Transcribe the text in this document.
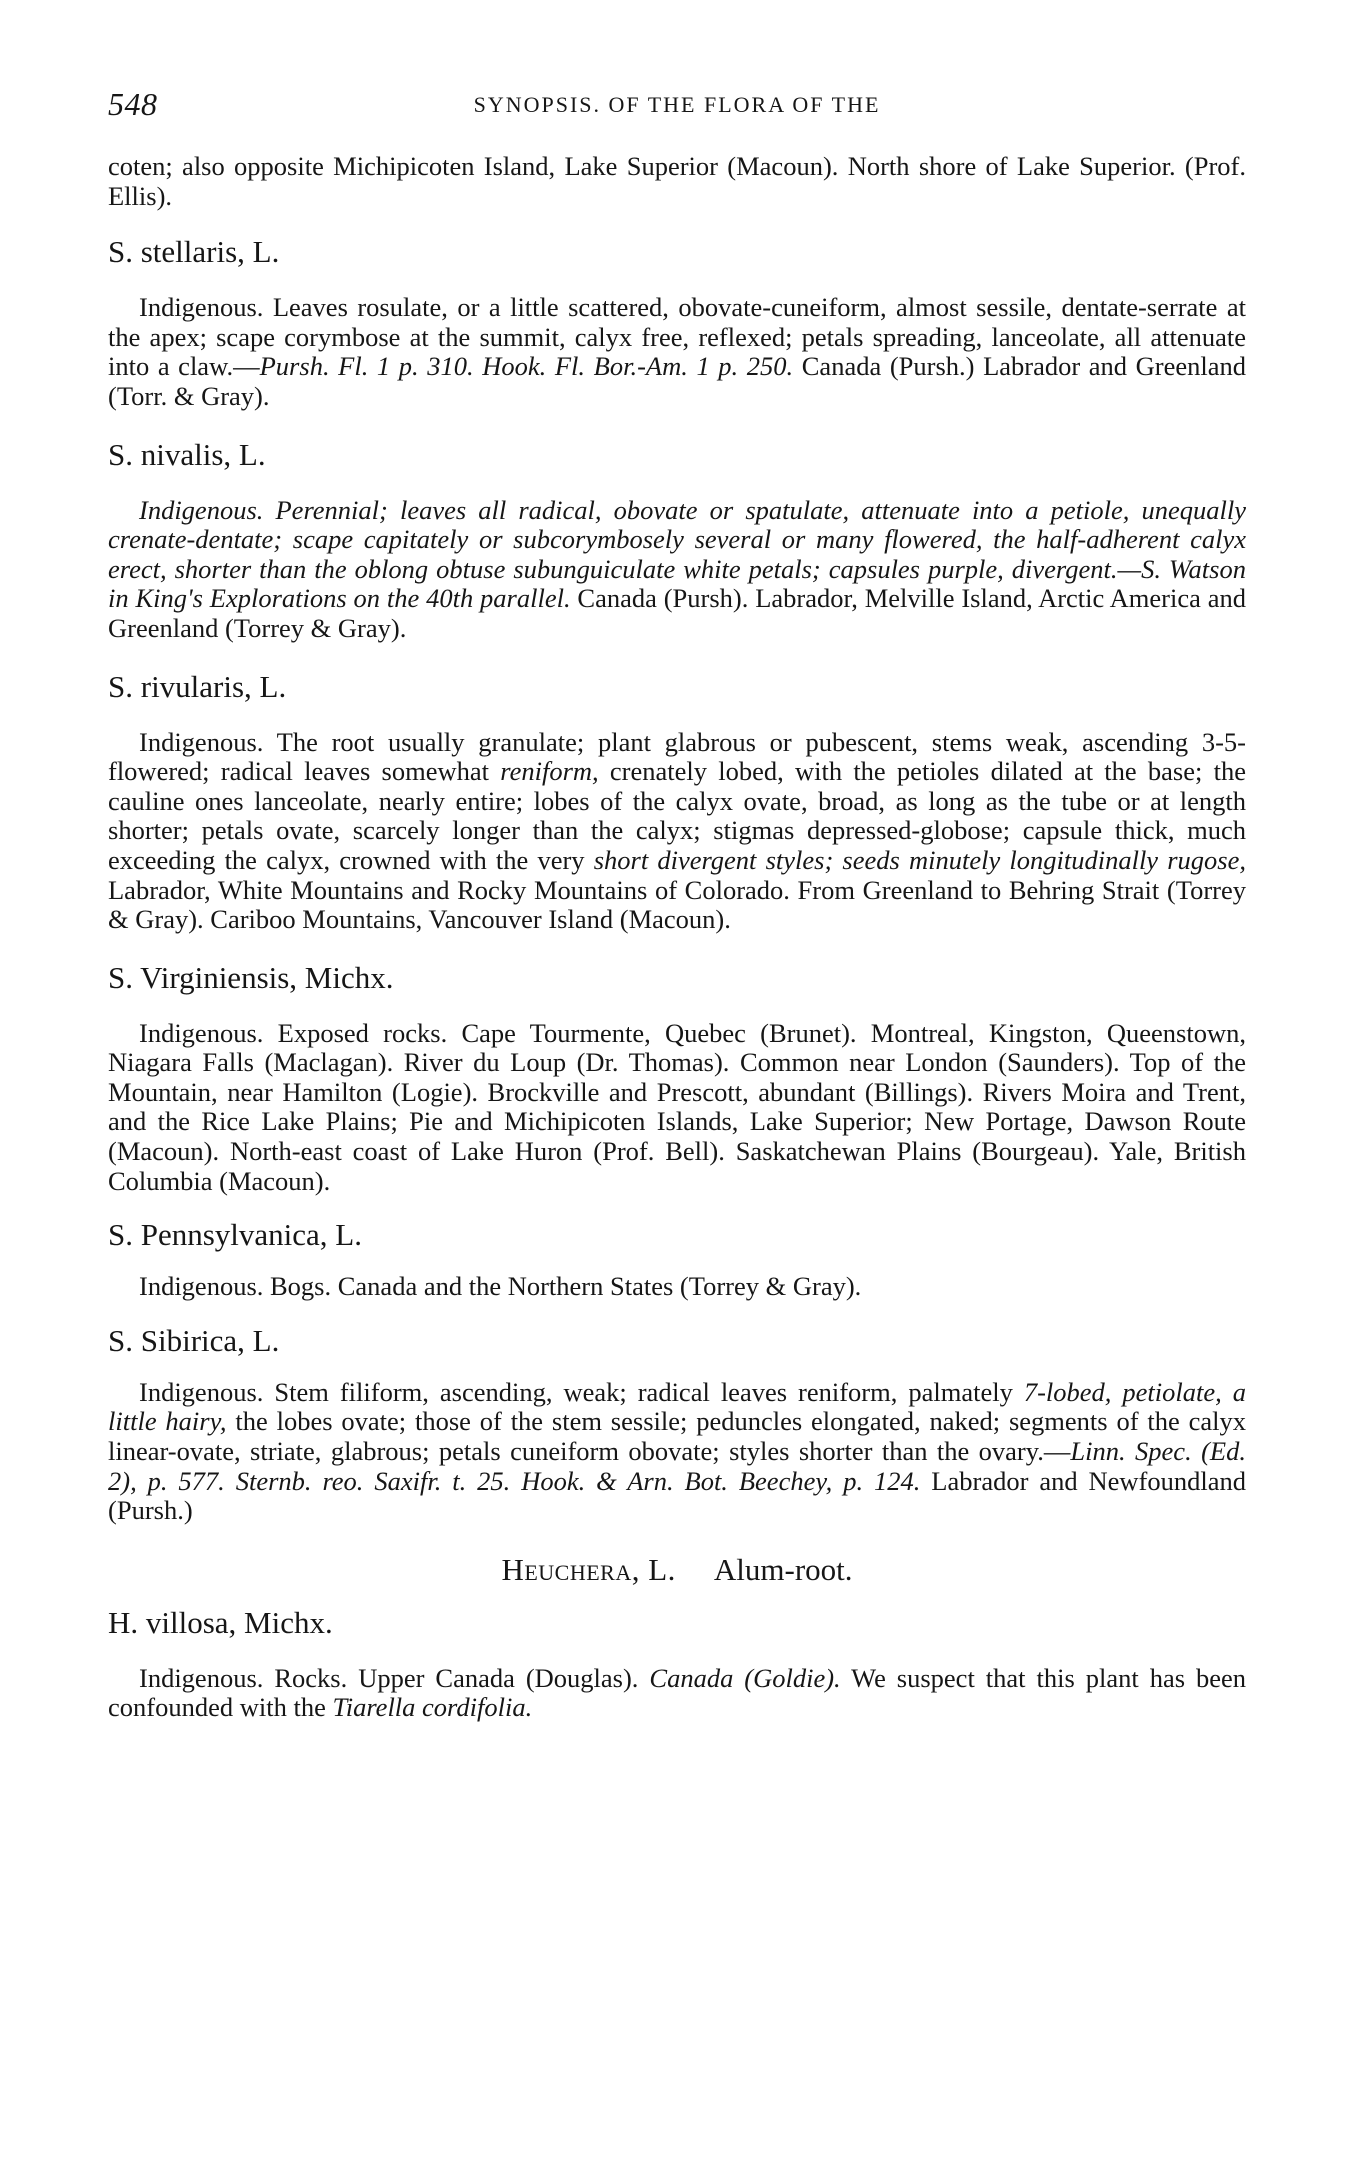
548	SYNOPSIS. OF THE FLORA OF THE

coten; also opposite Michipicoten Island, Lake Superior (Macoun). North shore of Lake Superior. (Prof. Ellis).

S. stellaris, L.

Indigenous. Leaves rosulate, or a little scattered, obovate-cuneiform, almost sessile, dentate-serrate at the apex; scape corymbose at the summit, calyx free, reflexed; petals spreading, lanceolate, all attenuate into a claw.—Pursh. Fl. 1 p. 310. Hook. Fl. Bor.-Am. 1 p. 250. Canada (Pursh.) Labrador and Greenland (Torr. & Gray).

S. nivalis, L.

Indigenous. Perennial; leaves all radical, obovate or spatulate, attenuate into a petiole, unequally crenate-dentate; scape capitately or subcorymbosely several or many flowered, the half-adherent calyx erect, shorter than the oblong obtuse subunguiculate white petals; capsules purple, divergent.—S. Watson in King's Explorations on the 40th parallel. Canada (Pursh). Labrador, Melville Island, Arctic America and Greenland (Torrey & Gray).

S. rivularis, L.

Indigenous. The root usually granulate; plant glabrous or pubescent, stems weak, ascending 3-5-flowered; radical leaves somewhat reniform, crenately lobed, with the petioles dilated at the base; the cauline ones lanceolate, nearly entire; lobes of the calyx ovate, broad, as long as the tube or at length shorter; petals ovate, scarcely longer than the calyx; stigmas depressed-globose; capsule thick, much exceeding the calyx, crowned with the very short divergent styles; seeds minutely longitudinally rugose, Labrador, White Mountains and Rocky Mountains of Colorado. From Greenland to Behring Strait (Torrey & Gray). Cariboo Mountains, Vancouver Island (Macoun).

S. Virginiensis, Michx.

Indigenous. Exposed rocks. Cape Tourmente, Quebec (Brunet). Montreal, Kingston, Queenstown, Niagara Falls (Maclagan). River du Loup (Dr. Thomas). Common near London (Saunders). Top of the Mountain, near Hamilton (Logie). Brockville and Prescott, abundant (Billings). Rivers Moira and Trent, and the Rice Lake Plains; Pie and Michipicoten Islands, Lake Superior; New Portage, Dawson Route (Macoun). North-east coast of Lake Huron (Prof. Bell). Saskatchewan Plains (Bourgeau). Yale, British Columbia (Macoun).

S. Pennsylvanica, L.

Indigenous. Bogs. Canada and the Northern States (Torrey & Gray).

S. Sibirica, L.

Indigenous. Stem filiform, ascending, weak; radical leaves reniform, palmately 7-lobed, petiolate, a little hairy, the lobes ovate; those of the stem sessile; peduncles elongated, naked; segments of the calyx linear-ovate, striate, glabrous; petals cuneiform obovate; styles shorter than the ovary.—Linn. Spec. (Ed. 2), p. 577. Sternb. reo. Saxifr. t. 25. Hook. & Arn. Bot. Beechey, p. 124. Labrador and Newfoundland (Pursh.)

Heuchera, L. Alum-root.
H. villosa, Michx.

Indigenous. Rocks. Upper Canada (Douglas). Canada (Goldie). We suspect that this plant has been confounded with the Tiarella cordifolia.
